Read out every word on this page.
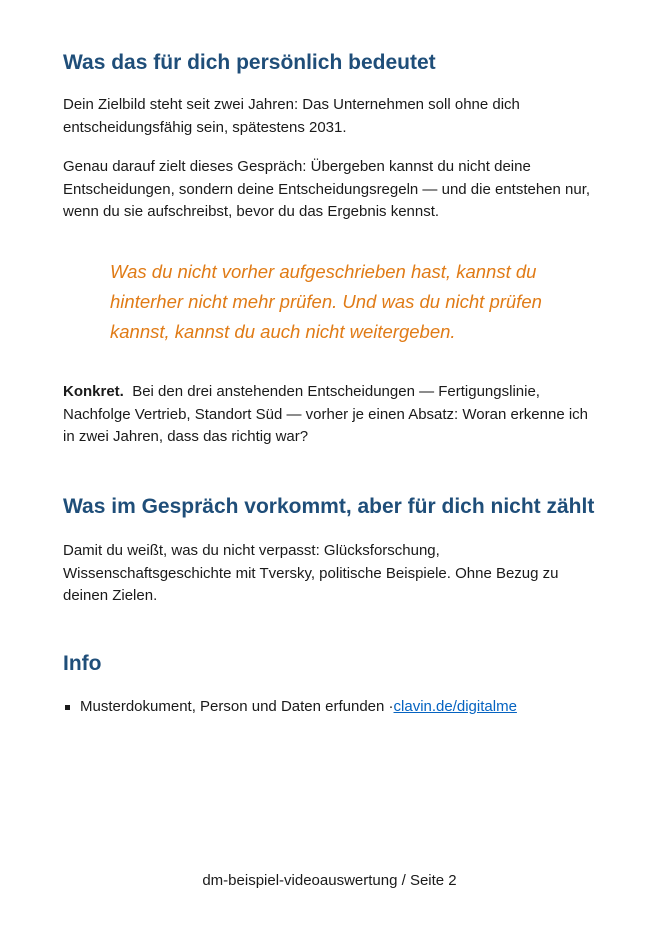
Was das für dich persönlich bedeutet

Dein Zielbild steht seit zwei Jahren: Das Unternehmen soll ohne dich entscheidungsfähig sein, spätestens 2031.

Genau darauf zielt dieses Gespräch: Übergeben kannst du nicht deine Entscheidungen, sondern deine Entscheidungsregeln — und die entstehen nur, wenn du sie aufschreibst, bevor du das Ergebnis kennst.

Was du nicht vorher aufgeschrieben hast, kannst du hinterher nicht mehr prüfen. Und was du nicht prüfen kannst, kannst du auch nicht weitergeben.

Konkret. Bei den drei anstehenden Entscheidungen — Fertigungslinie, Nachfolge Vertrieb, Standort Süd — vorher je einen Absatz: Woran erkenne ich in zwei Jahren, dass das richtig war?

Was im Gespräch vorkommt, aber für dich nicht zählt

Damit du weißt, was du nicht verpasst: Glücksforschung, Wissenschaftsgeschichte mit Tversky, politische Beispiele. Ohne Bezug zu deinen Zielen.

Info
Musterdokument, Person und Daten erfunden · clavin.de/digitalme
dm-beispiel-videoauswertung / Seite 2
